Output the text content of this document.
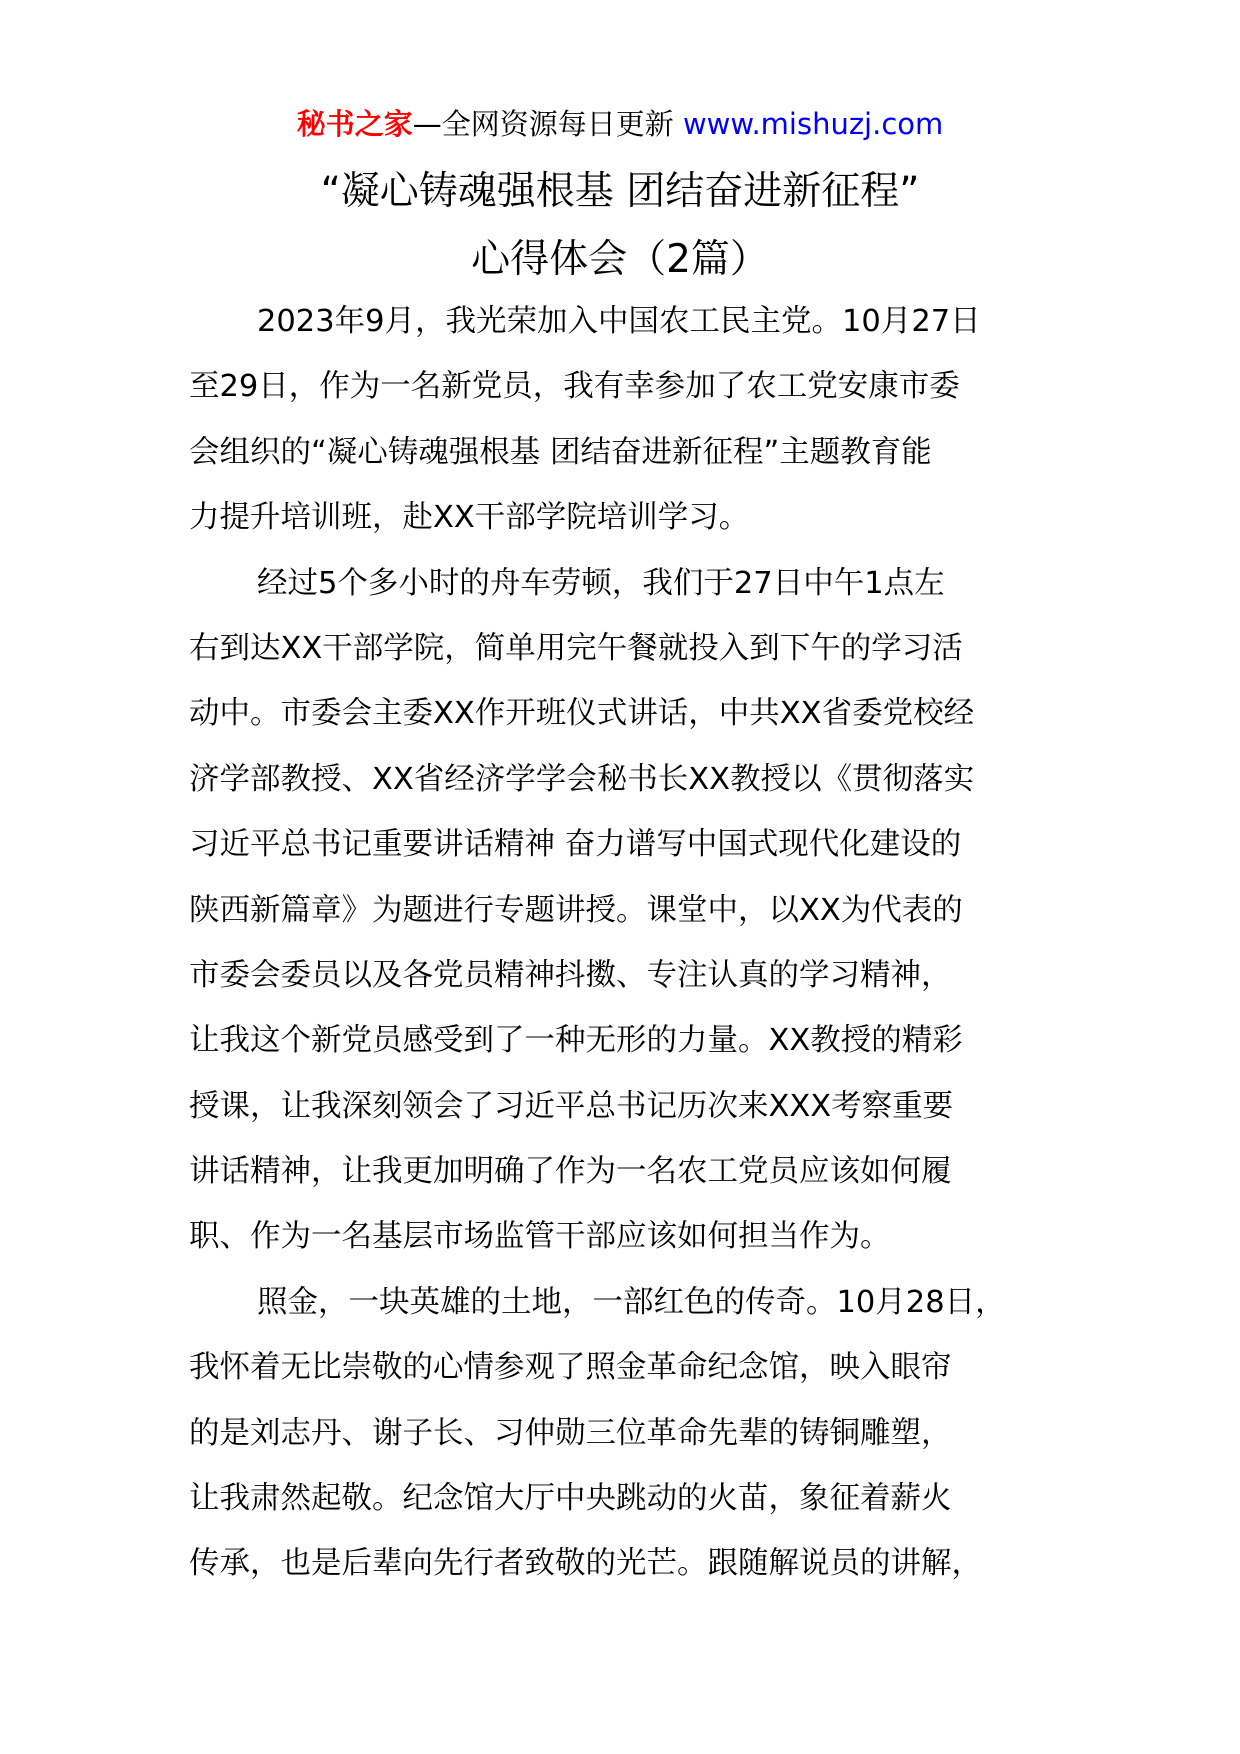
秘书之家—全网资源每日更新 www.mishuzj.com
“凝心铸魂强根基 团结奋进新征程”
心得体会（2篇）
2023年9月，我光荣加入中国农工民主党。10月27日
至29日，作为一名新党员，我有幸参加了农工党安康市委
会组织的“凝心铸魂强根基 团结奋进新征程”主题教育能
力提升培训班，赴XX干部学院培训学习。
经过5个多小时的舟车劳顿，我们于27日中午1点左
右到达XX干部学院，简单用完午餐就投入到下午的学习活
动中。市委会主委XX作开班仪式讲话，中共XX省委党校经
济学部教授、XX省经济学学会秘书长XX教授以《贯彻落实
习近平总书记重要讲话精神 奋力谱写中国式现代化建设的
陕西新篇章》为题进行专题讲授。课堂中，以XX为代表的
市委会委员以及各党员精神抖擞、专注认真的学习精神，
让我这个新党员感受到了一种无形的力量。XX教授的精彩
授课，让我深刻领会了习近平总书记历次来XXX考察重要
讲话精神，让我更加明确了作为一名农工党员应该如何履
职、作为一名基层市场监管干部应该如何担当作为。
照金，一块英雄的土地，一部红色的传奇。10月28日，
我怀着无比崇敬的心情参观了照金革命纪念馆，映入眼帘
的是刘志丹、谢子长、习仲勋三位革命先辈的铸铜雕塑，
让我肃然起敬。纪念馆大厅中央跳动的火苗，象征着薪火
传承，也是后辈向先行者致敬的光芒。跟随解说员的讲解，
